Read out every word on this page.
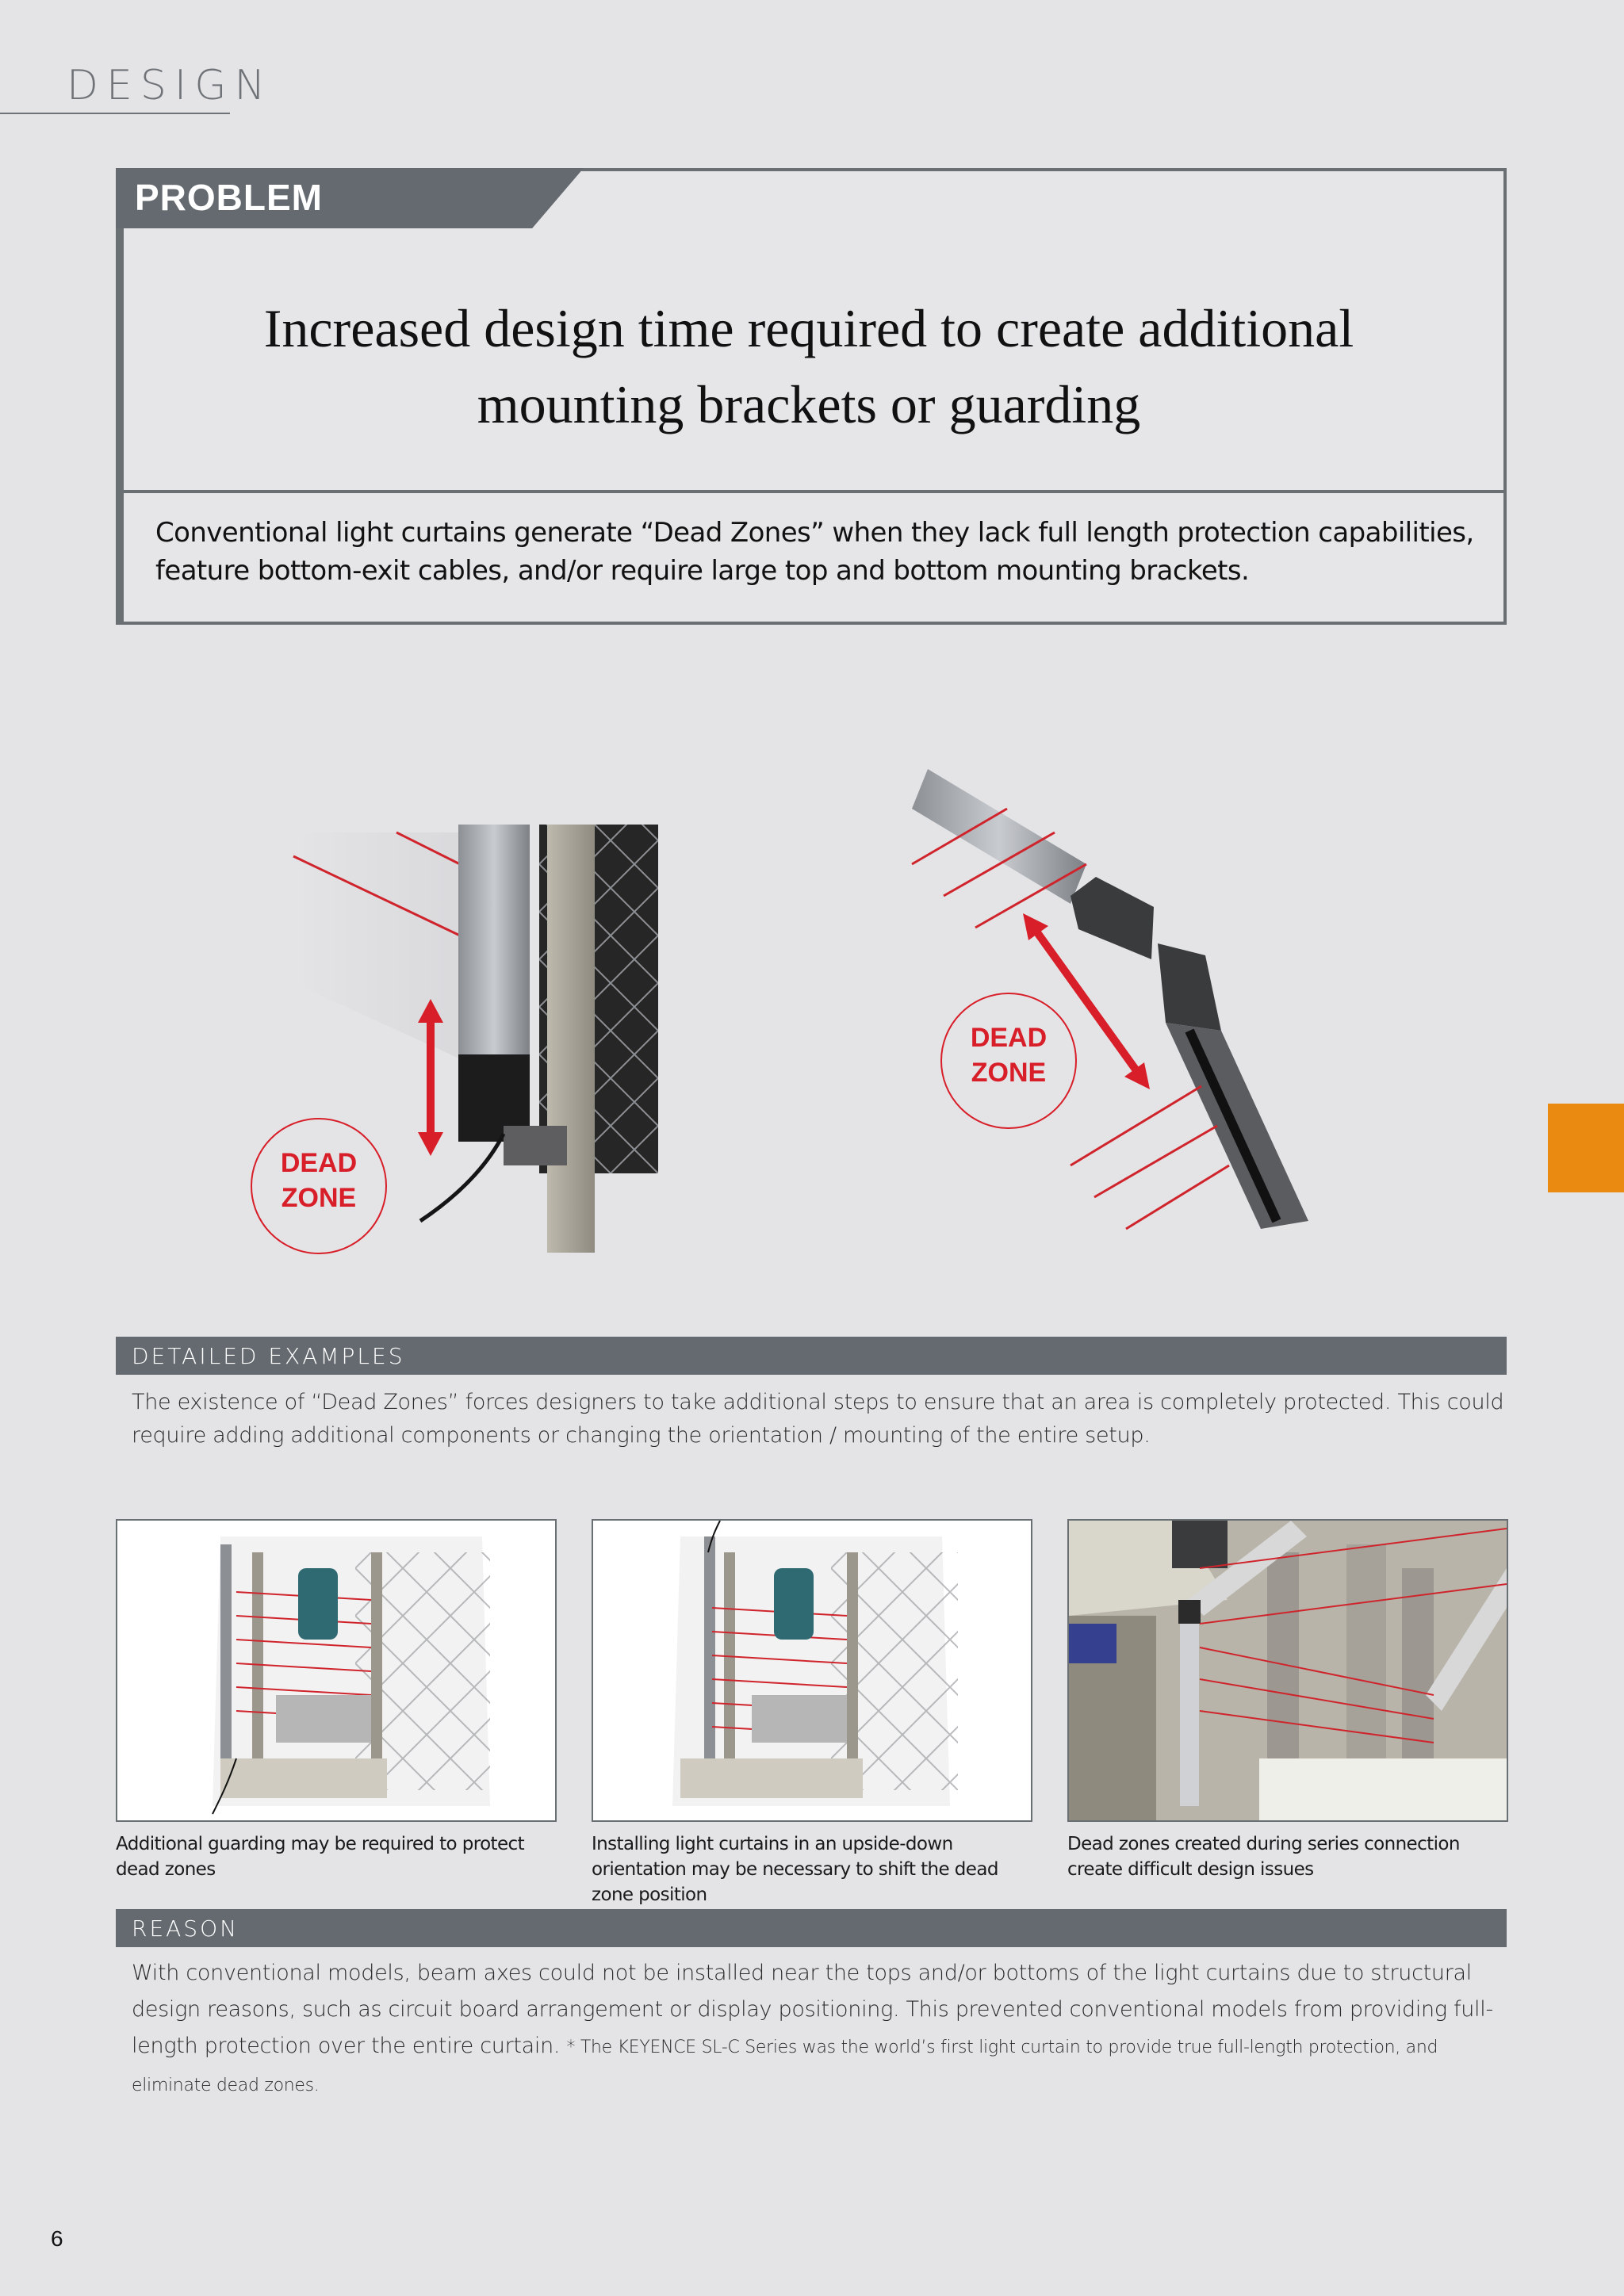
DESIGN
PROBLEM
Increased design time required to create additional
mounting brackets or guarding
Conventional light curtains generate “Dead Zones” when they lack full length protection capabilities, feature bottom-exit cables, and/or require large top and bottom mounting brackets.
DEAD
ZONE
DEAD
ZONE
DETAILED EXAMPLES
The existence of “Dead Zones” forces designers to take additional steps to ensure that an area is completely protected. This could require adding additional components or changing the orientation / mounting of the entire setup.
Additional guarding may be required to protect dead zones
Installing light curtains in an upside-down orientation may be necessary to shift the dead zone position
Dead zones created during series connection create difficult design issues
REASON
With conventional models, beam axes could not be installed near the tops and/or bottoms of the light curtains due to structural design reasons, such as circuit board arrangement or display positioning. This prevented conventional models from providing full-length protection over the entire curtain. * The KEYENCE SL-C Series was the world’s first light curtain to provide true full-length protection, and eliminate dead zones.
6
